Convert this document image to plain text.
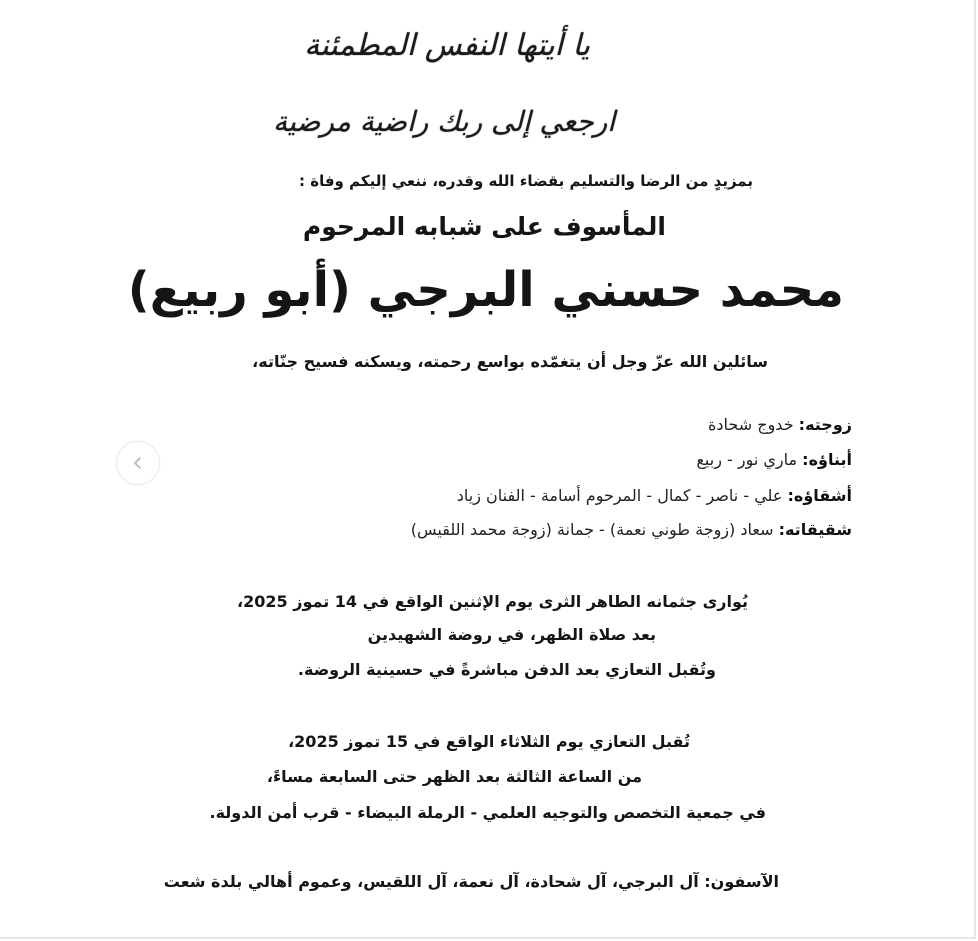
يا أيتها النفس المطمئنة
ارجعي إلى ربك راضية مرضية
بمزيدٍ من الرضا والتسليم بقضاء الله وقدره، ننعي إليكم وفاة :
المأسوف على شبابه المرحوم
محمد حسني البرجي (أبو ربيع)
سائلين الله عزّ وجل أن يتغمّده بواسع رحمته، ويسكنه فسيح جنّاته،
زوجته: خدوج شحادة
أبناؤه: ماري نور - ربيع
أشقاؤه: علي - ناصر - كمال - المرحوم أسامة - الفنان زياد
شقيقاته: سعاد (زوجة طوني نعمة) - جمانة (زوجة محمد اللقيس)
يُوارى جثمانه الطاهر الثرى يوم الإثنين الواقع في 14 تموز 2025،
بعد صلاة الظهر، في روضة الشهيدين
وتُقبل التعازي بعد الدفن مباشرةً في حسينية الروضة.
تُقبل التعازي يوم الثلاثاء الواقع في 15 تموز 2025،
من الساعة الثالثة بعد الظهر حتى السابعة مساءً،
في جمعية التخصص والتوجيه العلمي - الرملة البيضاء - قرب أمن الدولة.
الآسفون: آل البرجي، آل شحادة، آل نعمة، آل اللقيس، وعموم أهالي بلدة شعت
